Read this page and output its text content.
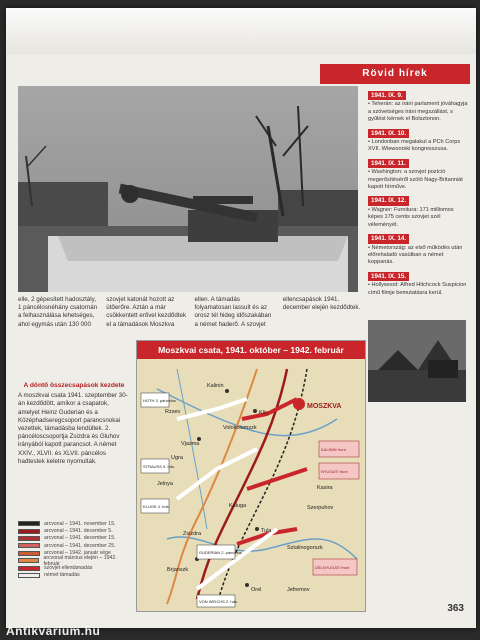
Rövid hírek
elle, 2 gépesített hadosztály, 1 páncélosnéhány csatornán a felhasználása lehetséges, ahol egymás után 130 000 szovjet katonát hozott az ütőerőre. Aztán a már csökkentett erővel kezdődtek el a támadások Moszkva ellen. A támadás folyamatosan lassult és az orosz tél hideg időszakában a német haderő. A szovjet ellencsapások 1941. december elején kezdődtek.
A döntő összecsapások kezdete
A moszkvai csata 1941. szeptember 30-án kezdődött, amikor a csapatok, amelyet Heinz Guderian és a Középhadseregcsoport parancsnokai vezettek, támadásba lendültek. 2. páncéloscsoportja Zsizdra és Gluhov irányából kapott parancsot. A német XXIV., XLVII. és XLVII. páncélos hadtestek keletre nyomultak.
arcvonal – 1941. november 15.
arcvonal – 1941. december 5.
arcvonal – 1941. december 15.
arcvonal – 1941. december 25.
arcvonal – 1942. január vége
arcvonal március elején – 1942. február
szovjet ellentámadás
német támadás
Moszkvai csata, 1941. október – 1942. február
MOSZKVA
Kalinin
Klin
Volokolamszk
Rzsev
Vjazma
Jelnya
Kaluga
Tula
Kasira
Szerpuhov
Brjanszk
Orel	Jefremov
Zsizdra
Sztalinogorszk
Ugra
HOTH 3. páncélos
STRAUSS 9. hds.
KLUGE 4. hds.
GUDERIAN 2. páncélos
VON WEICHS 2. hds.
KALININ front
NYUGATI front
DÉLNYUGATI front
1941. IX. 9.

• Teherán: az iráni parlament jóváhagyja a szövetséges iráni megszállást, s gyűlést kérnek el Bolsztonon.

1941. IX. 10.

• Londonban megalakul a PCh Corps XVII. Wiewoorski kongresszusa.

1941. IX. 11.

• Washington: a szovjet pozíció megerősítéséről szóló Nagy-Britanniát kapott hírműve.

1941. IX. 12.

• Wagner: Furnitura: 171 milliomos képes 175 centis szovjet szél véleményét.

1941. IX. 14.

• Németország: az első működés után előrehaladó vasútban a német koppanás.

1941. IX. 15.

• Hollywood: Alfred Hitchcock Suspicion című filmje bemutatásra kerül.

363
Antikvarium.hu
